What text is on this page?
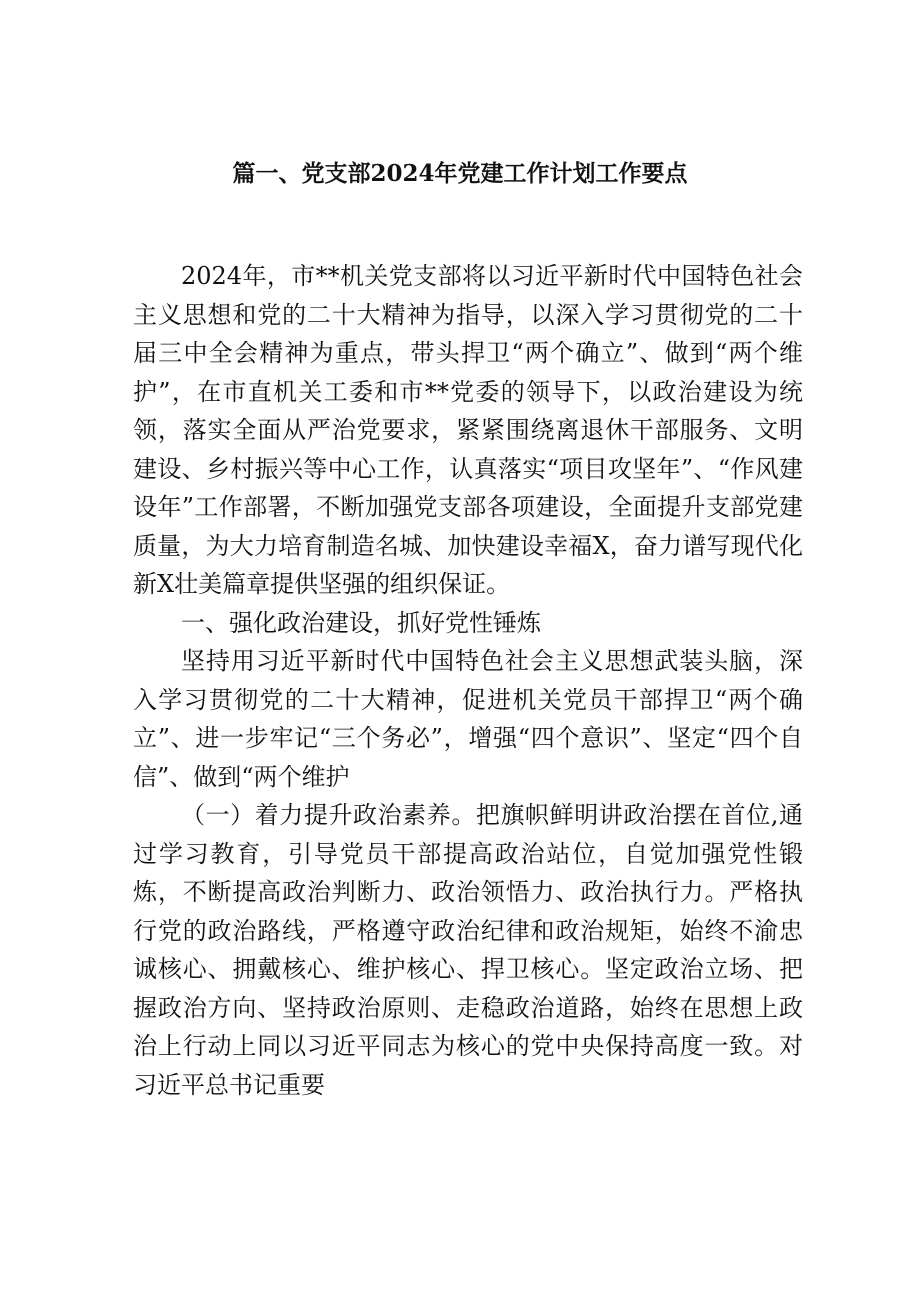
篇一、党支部2024年党建工作计划工作要点

2024年，市**机关党支部将以习近平新时代中国特色社会主义思想和党的二十大精神为指导，以深入学习贯彻党的二十届三中全会精神为重点，带头捍卫“两个确立”、做到“两个维护”，在市直机关工委和市**党委的领导下，以政治建设为统领，落实全面从严治党要求，紧紧围绕离退休干部服务、文明建设、乡村振兴等中心工作，认真落实“项目攻坚年”、“作风建设年”工作部署，不断加强党支部各项建设，全面提升支部党建质量，为大力培育制造名城、加快建设幸福X，奋力谱写现代化新X壮美篇章提供坚强的组织保证。

一、强化政治建设，抓好党性锤炼

坚持用习近平新时代中国特色社会主义思想武装头脑，深入学习贯彻党的二十大精神，促进机关党员干部捍卫“两个确立”、进一步牢记“三个务必”，增强“四个意识”、坚定“四个自信”、做到“两个维护

（一）着力提升政治素养。把旗帜鲜明讲政治摆在首位,通过学习教育，引导党员干部提高政治站位，自觉加强党性锻炼，不断提高政治判断力、政治领悟力、政治执行力。严格执行党的政治路线，严格遵守政治纪律和政治规矩，始终不渝忠诚核心、拥戴核心、维护核心、捍卫核心。坚定政治立场、把握政治方向、坚持政治原则、走稳政治道路，始终在思想上政治上行动上同以习近平同志为核心的党中央保持高度一致。对习近平总书记重要
